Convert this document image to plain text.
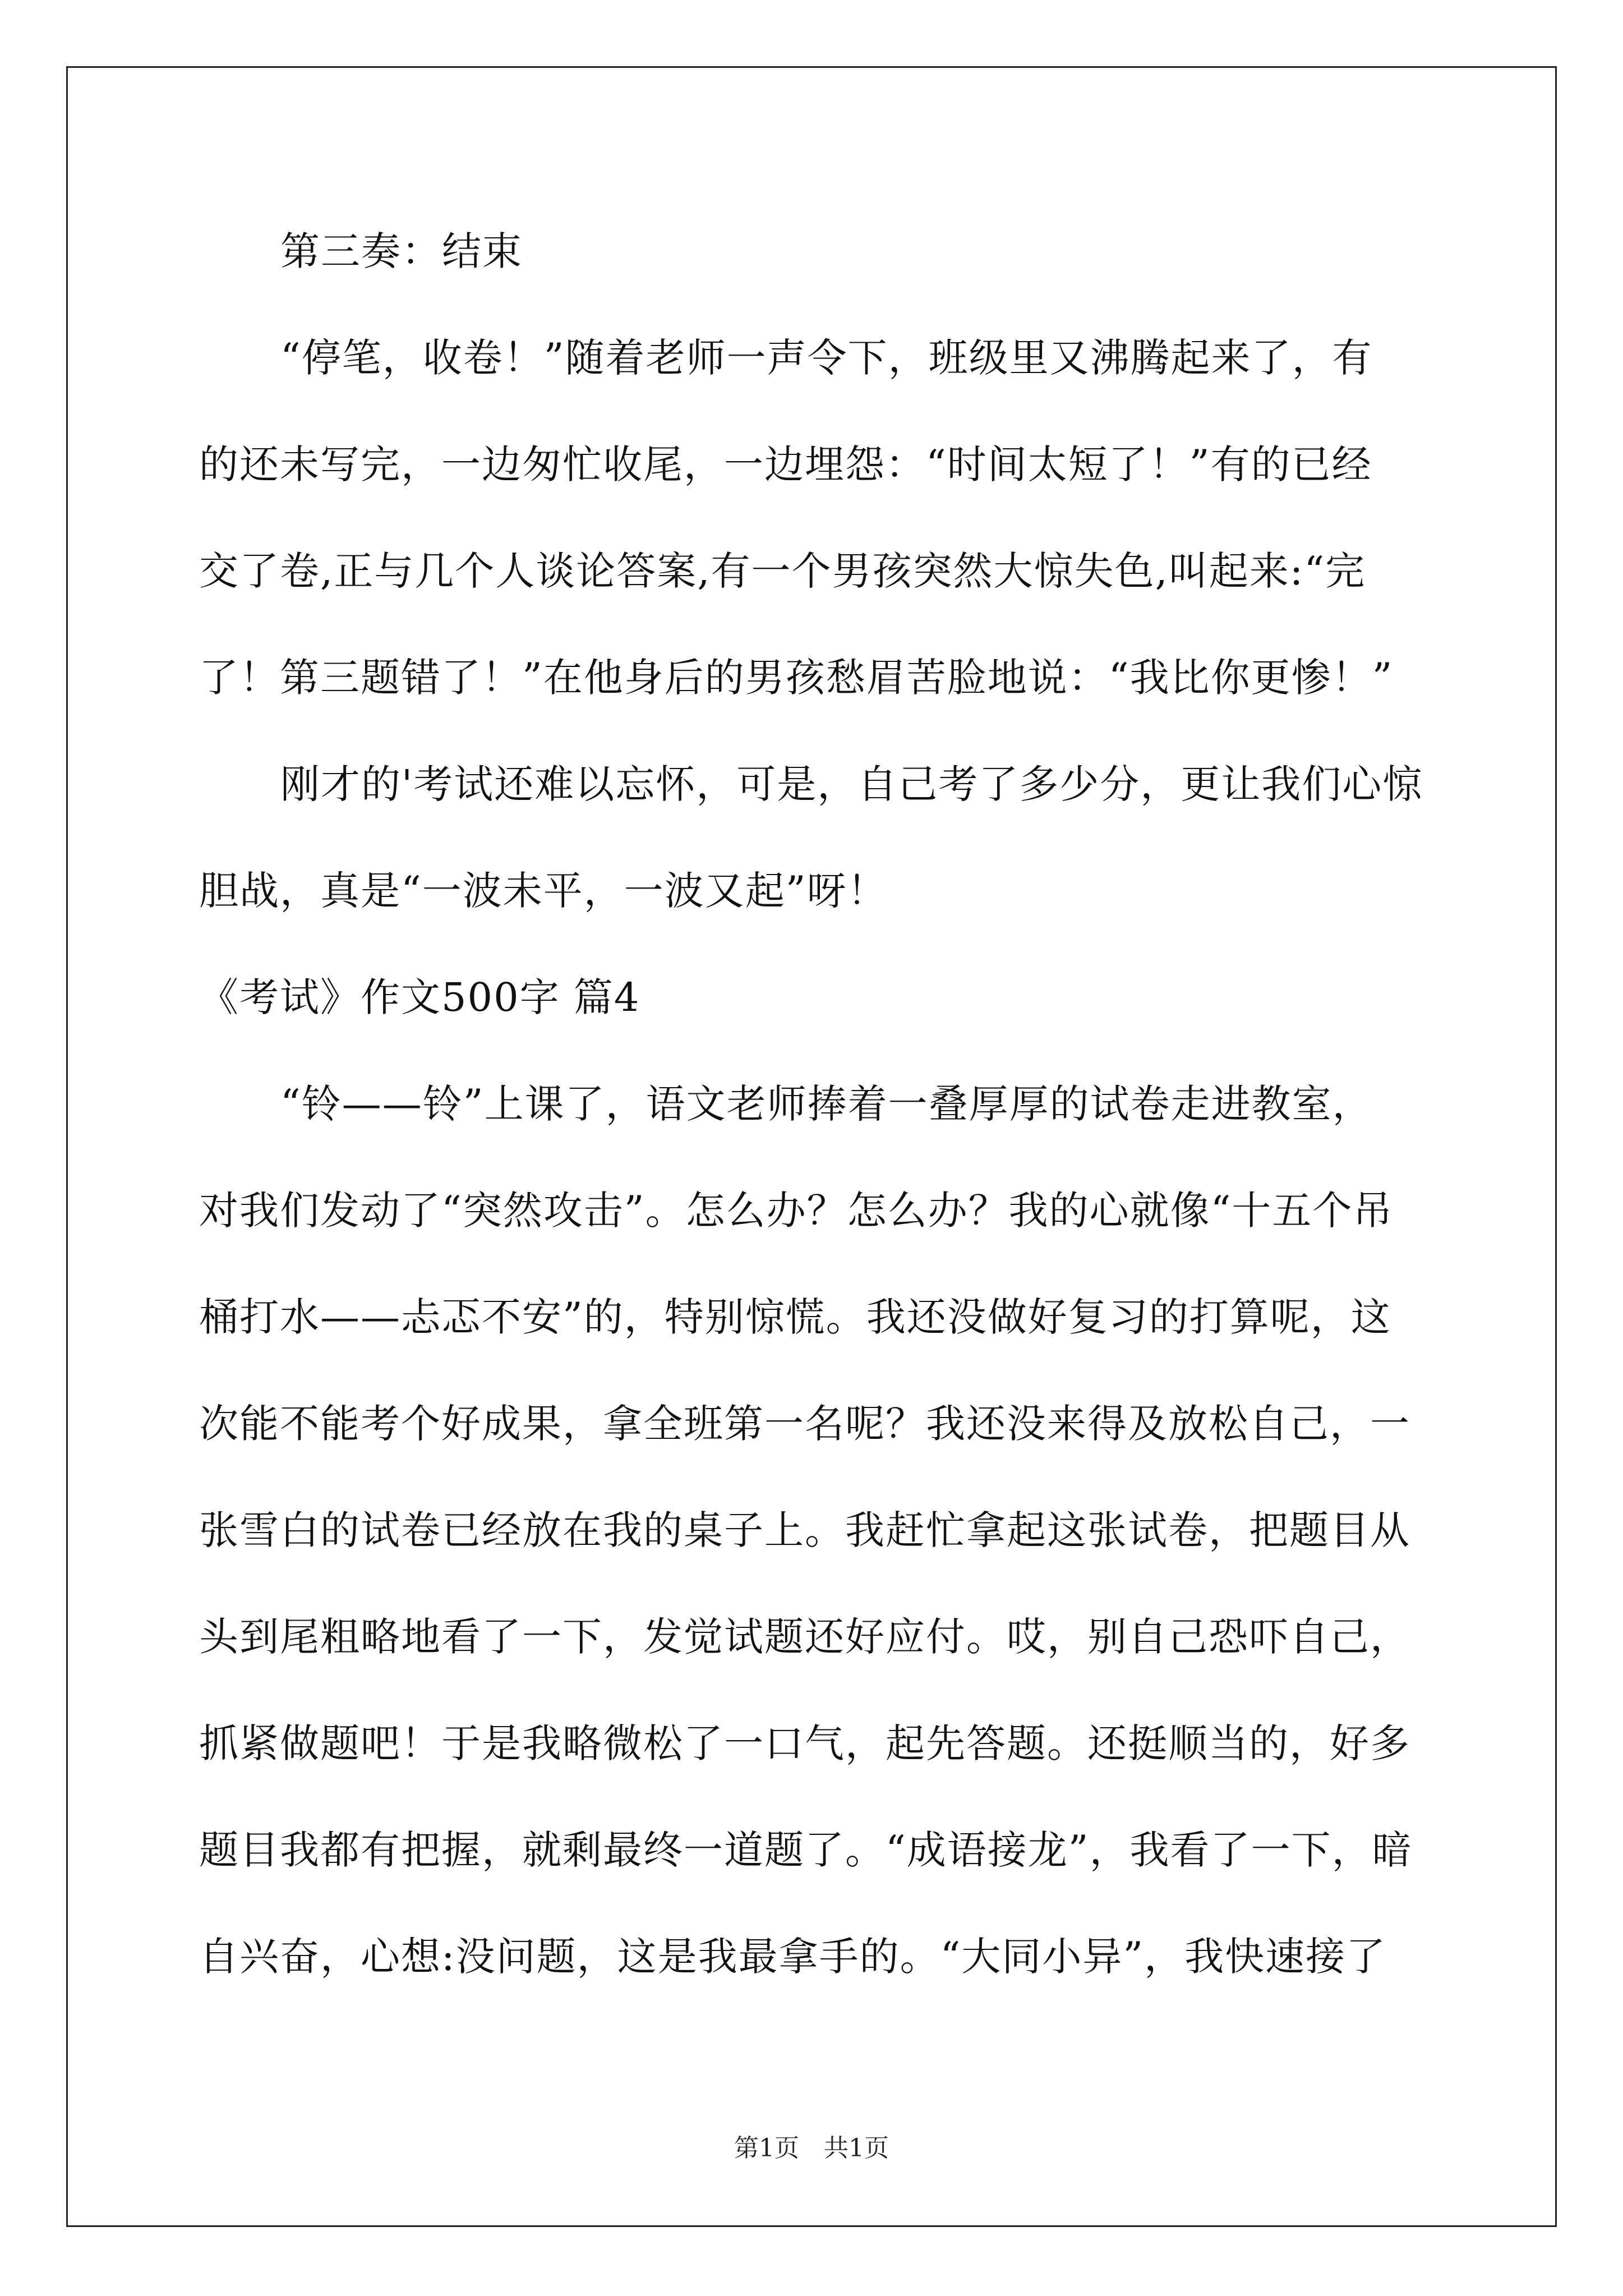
第三奏：结束
“停笔，收卷！”随着老师一声令下，班级里又沸腾起来了，有
的还未写完，一边匆忙收尾，一边埋怨：“时间太短了！”有的已经
交了卷,正与几个人谈论答案,有一个男孩突然大惊失色,叫起来:“完
了！第三题错了！”在他身后的男孩愁眉苦脸地说：“我比你更惨！”
刚才的'考试还难以忘怀，可是，自己考了多少分，更让我们心惊
胆战，真是“一波未平，一波又起”呀！
《考试》作文500字 篇4
“铃——铃”上课了，语文老师捧着一叠厚厚的试卷走进教室，
对我们发动了“突然攻击”。怎么办？怎么办？我的心就像“十五个吊
桶打水——忐忑不安”的，特别惊慌。我还没做好复习的打算呢，这
次能不能考个好成果，拿全班第一名呢？我还没来得及放松自己，一
张雪白的试卷已经放在我的桌子上。我赶忙拿起这张试卷，把题目从
头到尾粗略地看了一下，发觉试题还好应付。哎，别自己恐吓自己，
抓紧做题吧！于是我略微松了一口气，起先答题。还挺顺当的，好多
题目我都有把握，就剩最终一道题了。“成语接龙”，我看了一下，暗
自兴奋，心想:没问题，这是我最拿手的。“大同小异”，我快速接了
第1页　共1页
